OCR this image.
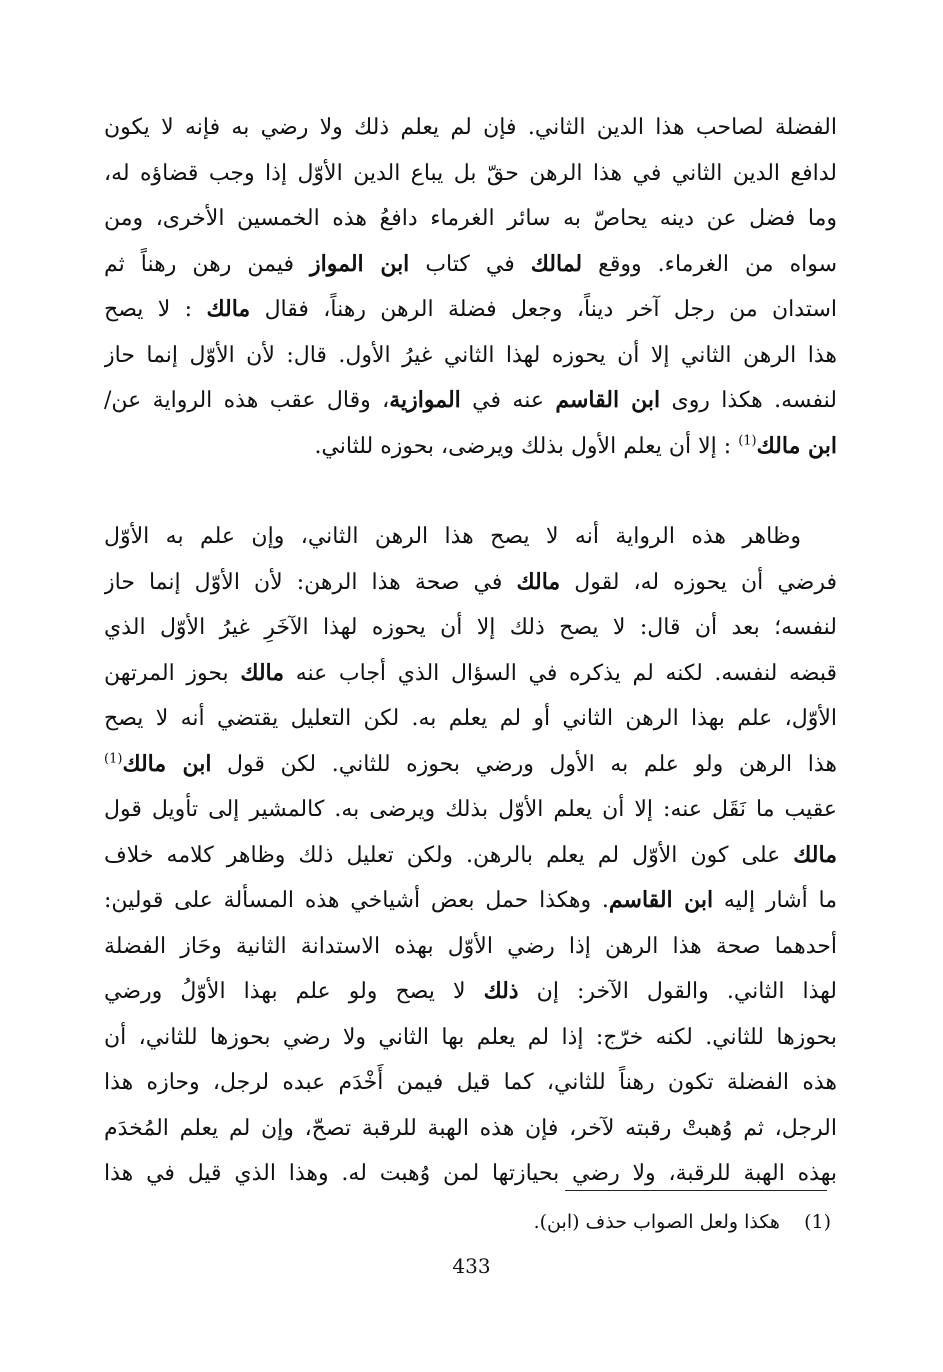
الفضلة لصاحب هذا الدين الثاني. فإن لم يعلم ذلك ولا رضي به فإنه لا يكون
لدافع الدين الثاني في هذا الرهن حقّ بل يباع الدين الأوّل إذا وجب قضاؤه له،
وما فضل عن دينه يحاصّ به سائر الغرماء دافعُ هذه الخمسين الأخرى، ومن
سواه من الغرماء. ووقع لمالك في كتاب ابن المواز فيمن رهن رهناً ثم
استدان من رجل آخر ديناً، وجعل فضلة الرهن رهناً، فقال مالك : لا يصح
هذا الرهن الثاني إلا أن يحوزه لهذا الثاني غيرُ الأول. قال: لأن الأوّل إنما حاز
لنفسه. هكذا روى ابن القاسم عنه في الموازية، وقال عقب هذه الرواية عن/
ابن مالك$^{(1)}$ : إلا أن يعلم الأول بذلك ويرضى، بحوزه للثاني.
وظاهر هذه الرواية أنه لا يصح هذا الرهن الثاني، وإن علم به الأوّل
فرضي أن يحوزه له، لقول مالك في صحة هذا الرهن: لأن الأوّل إنما حاز
لنفسه؛ بعد أن قال: لا يصح ذلك إلا أن يحوزه لهذا الآخَرِ غيرُ الأوّل الذي
قبضه لنفسه. لكنه لم يذكره في السؤال الذي أجاب عنه مالك بحوز المرتهن
الأوّل، علم بهذا الرهن الثاني أو لم يعلم به. لكن التعليل يقتضي أنه لا يصح
هذا الرهن ولو علم به الأول ورضي بحوزه للثاني. لكن قول ابن مالك$^{(1)}$
عقيب ما نَقَل عنه: إلا أن يعلم الأوّل بذلك ويرضى به. كالمشير إلى تأويل قول
مالك على كون الأوّل لم يعلم بالرهن. ولكن تعليل ذلك وظاهر كلامه خلاف
ما أشار إليه ابن القاسم. وهكذا حمل بعض أشياخي هذه المسألة على قولين:
أحدهما صحة هذا الرهن إذا رضي الأوّل بهذه الاستدانة الثانية وحَاز الفضلة
لهذا الثاني. والقول الآخر: إن ذلك لا يصح ولو علم بهذا الأوّلُ ورضي
بحوزها للثاني. لكنه خرّج: إذا لم يعلم بها الثاني ولا رضي بحوزها للثاني، أن
هذه الفضلة تكون رهناً للثاني، كما قيل فيمن أَخْدَم عبده لرجل، وحازه هذا
الرجل، ثم وُهبتْ رقبته لآخر، فإن هذه الهبة للرقبة تصحّ، وإن لم يعلم المُخدَم
بهذه الهبة للرقبة، ولا رضي بحيازتها لمن وُهبت له. وهذا الذي قيل في هذا
(1)    هكذا ولعل الصواب حذف (ابن).
433
